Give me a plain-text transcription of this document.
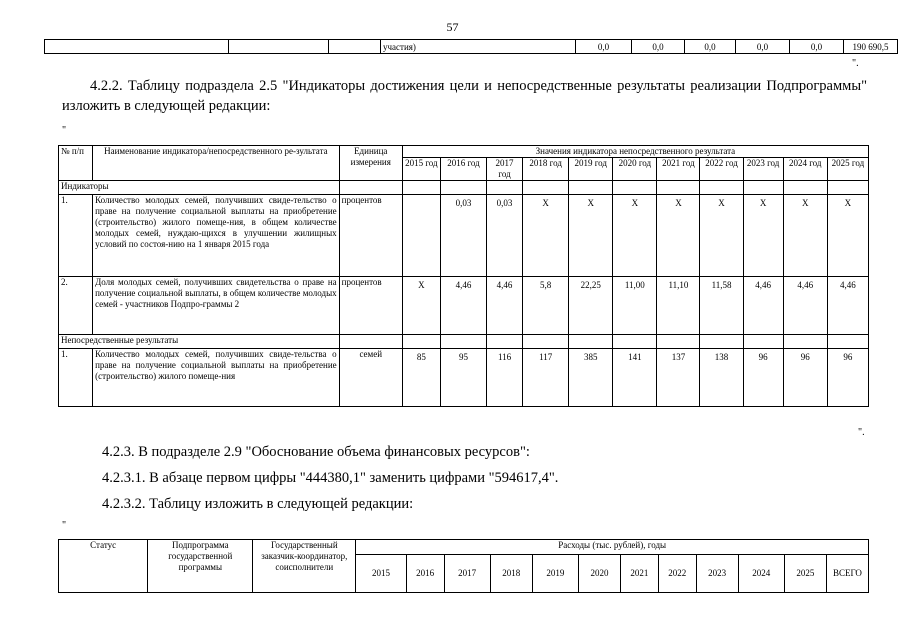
57
			участия)	0,0	0,0	0,0	0,0	0,0	190 690,5
".
4.2.2. Таблицу подраздела 2.5 "Индикаторы достижения цели и непосредственные результаты реализации Подпрограммы" изложить в следующей редакции:
"
№ п/п	Наименование индикатора/непосредственного ре-зультата	Единица измерения	Значения индикатора непосредственного результата										
			2015 год	2016 год	2017 год	2018 год	2019 год	2020 год	2021 год	2022 год	2023 год	2024 год	2025 год
Индикаторы													
1.	Количество молодых семей, получивших свиде-тельство о праве на получение социальной выплаты на приобретение (строительство) жилого помеще-ния, в общем количестве молодых семей, нуждаю-щихся в улучшении жилищных условий по состоя-нию на 1 января 2015 года	процентов		0,03	0,03	X	X	X	X	X	X	X	X
2.	Доля молодых семей, получивших свидетельства о праве на получение социальной выплаты, в общем количестве молодых семей - участников Подпро-граммы 2	процентов	X	4,46	4,46	5,8	22,25	11,00	11,10	11,58	4,46	4,46	4,46
Непосредственные результаты													
1.	Количество молодых семей, получивших свиде-тельства о праве на получение социальной выплаты на приобретение (строительство) жилого помеще-ния	семей	85	95	116	117	385	141	137	138	96	96	96
".
4.2.3. В подразделе 2.9 "Обоснование объема финансовых ресурсов":
4.2.3.1. В абзаце первом цифры "444380,1" заменить цифрами "594617,4".
4.2.3.2. Таблицу изложить в следующей редакции:
"
Статус	Подпрограмма государственной программы	Государственный заказчик-координатор, соисполнители	Расходы (тыс. рублей), годы											
			2015	2016	2017	2018	2019	2020	2021	2022	2023	2024	2025	ВСЕГО
